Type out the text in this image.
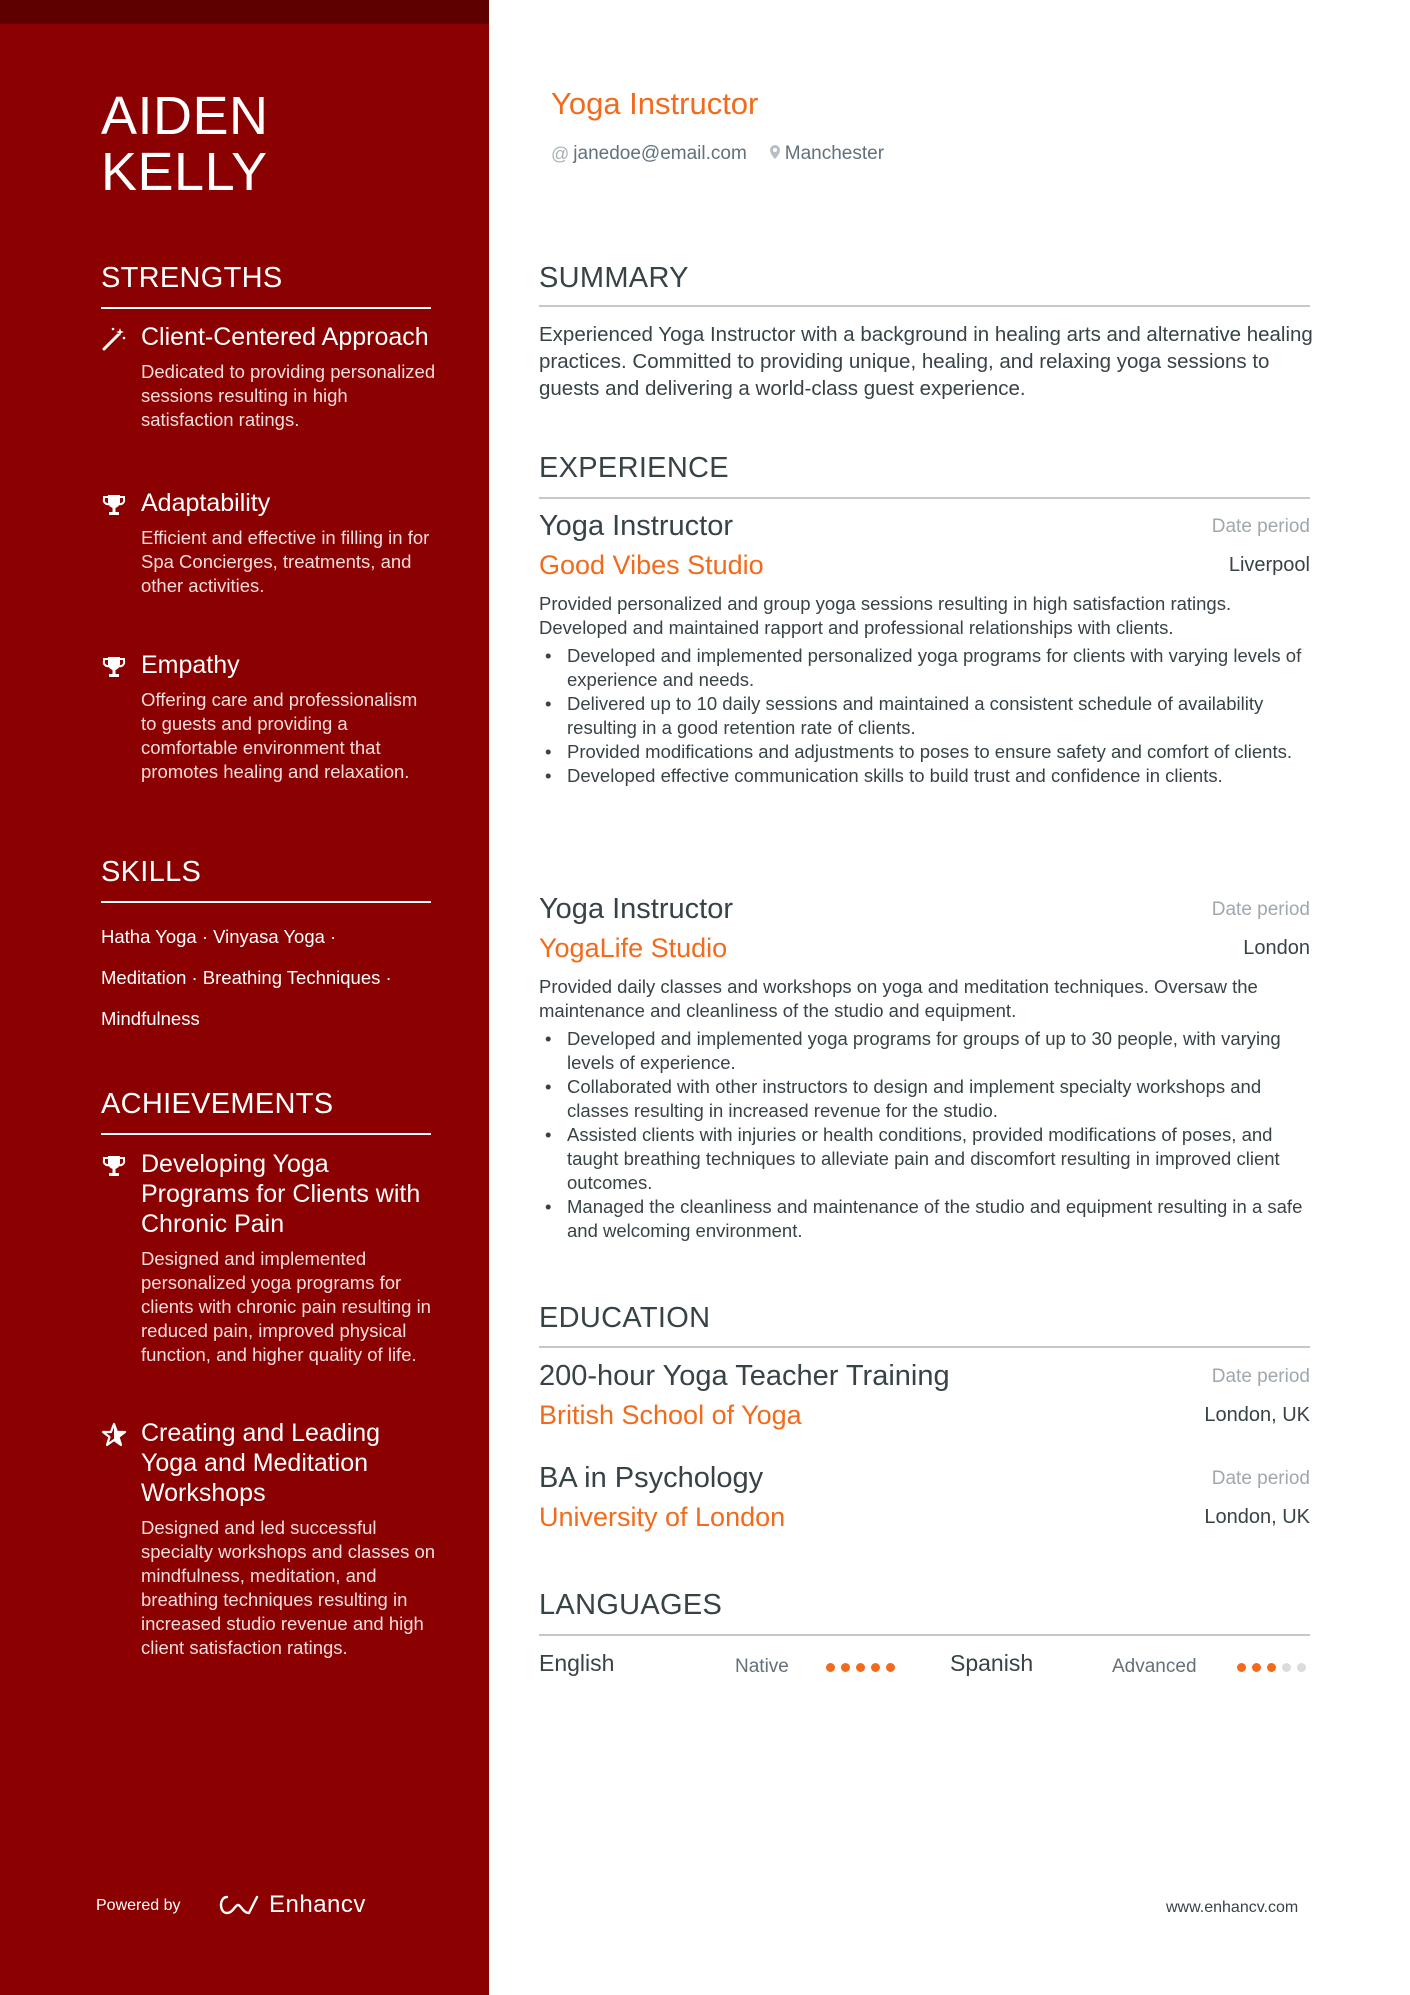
AIDEN
KELLY
STRENGTHS
Client-Centered Approach
Dedicated to providing personalized sessions resulting in high satisfaction ratings.
Adaptability
Efficient and effective in filling in for Spa Concierges, treatments, and other activities.
Empathy
Offering care and professionalism to guests and providing a comfortable environment that promotes healing and relaxation.
SKILLS
Hatha Yoga · Vinyasa Yoga ·
Meditation · Breathing Techniques ·
Mindfulness
ACHIEVEMENTS
Developing Yoga Programs for Clients with Chronic Pain
Designed and implemented personalized yoga programs for clients with chronic pain resulting in reduced pain, improved physical function, and higher quality of life.
Creating and Leading Yoga and Meditation Workshops
Designed and led successful specialty workshops and classes on mindfulness, meditation, and breathing techniques resulting in increased studio revenue and high client satisfaction ratings.
Powered by	Enhancv
Yoga Instructor
@ janedoe@email.com Manchester
SUMMARY
Experienced Yoga Instructor with a background in healing arts and alternative healing practices. Committed to providing unique, healing, and relaxing yoga sessions to guests and delivering a world-class guest experience.
EXPERIENCE
Yoga Instructor	Date period
Good Vibes Studio	Liverpool
Provided personalized and group yoga sessions resulting in high satisfaction ratings. Developed and maintained rapport and professional relationships with clients.
• Developed and implemented personalized yoga programs for clients with varying levels of experience and needs.
• Delivered up to 10 daily sessions and maintained a consistent schedule of availability resulting in a good retention rate of clients.
• Provided modifications and adjustments to poses to ensure safety and comfort of clients.
• Developed effective communication skills to build trust and confidence in clients.
Yoga Instructor	Date period
YogaLife Studio	London
Provided daily classes and workshops on yoga and meditation techniques. Oversaw the maintenance and cleanliness of the studio and equipment.
• Developed and implemented yoga programs for groups of up to 30 people, with varying levels of experience.
• Collaborated with other instructors to design and implement specialty workshops and classes resulting in increased revenue for the studio.
• Assisted clients with injuries or health conditions, provided modifications of poses, and taught breathing techniques to alleviate pain and discomfort resulting in improved client outcomes.
• Managed the cleanliness and maintenance of the studio and equipment resulting in a safe and welcoming environment.
EDUCATION
200-hour Yoga Teacher Training	Date period
British School of Yoga	London, UK
BA in Psychology	Date period
University of London	London, UK
LANGUAGES
English	Native	Spanish	Advanced
www.enhancv.com
